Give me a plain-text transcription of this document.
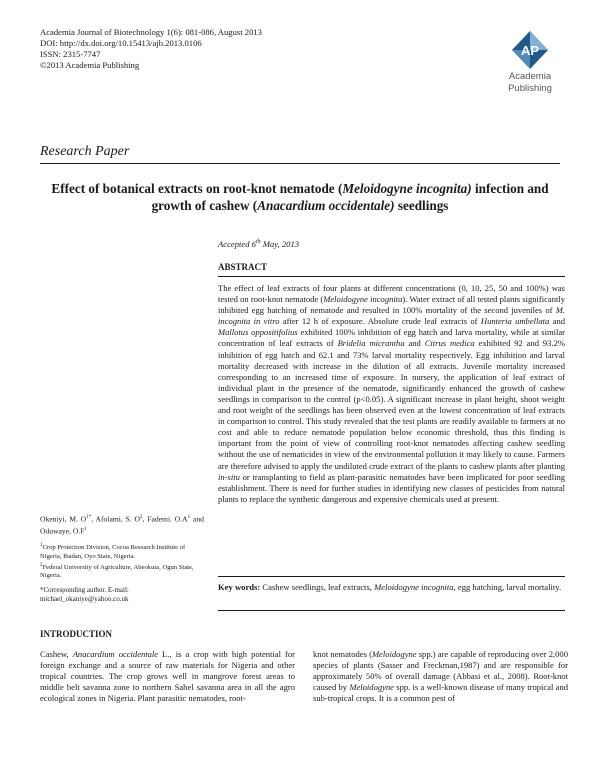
Academia Journal of Biotechnology 1(6): 081-086, August 2013
DOI: http://dx.doi.org/10.15413/ajb.2013.0106
ISSN: 2315-7747
©2013 Academia Publishing
AP
Academia
Publishing
Research Paper
Effect of botanical extracts on root-knot nematode (Meloidogyne incognita) infection and growth of cashew (Anacardium occidentale) seedlings
Accepted 6th May, 2013
ABSTRACT
The effect of leaf extracts of four plants at different concentrations (0, 10, 25, 50 and 100%) was tested on root-knot nematode (Meloidogyne incognita). Water extract of all tested plants significantly inhibited egg hatching of nematode and resulted in 100% mortality of the second juveniles of M. incognita in vitro after 12 h of exposure. Absolute crude leaf extracts of Hunteria umbellata and Mallotus oppositifolius exhibited 100% inhibition of egg hatch and larva mortality, while at similar concentration of leaf extracts of Bridelia micrantha and Citrus medica exhibited 92 and 93.2% inhibition of egg hatch and 62.1 and 73% larval mortality respectively. Egg inhibition and larval mortality decreased with increase in the dilution of all extracts. Juvenile mortality increased corresponding to an increased time of exposure. In nursery, the application of leaf extract of individual plant in the presence of the nematode, significantly enhanced the growth of cashew seedlings in comparison to the control (p<0.05). A significant increase in plant height, shoot weight and root weight of the seedlings has been observed even at the lowest concentration of leaf extracts in comparison to control. This study revealed that the test plants are readily available to farmers at no cost and able to reduce nematode population below economic threshold, thus this finding is important from the point of view of controlling root-knot nematodes affecting cashew seedling without the use of nematicides in view of the environmental pollution it may likely to cause. Farmers are therefore advised to apply the undiluted crude extract of the plants to cashew plants after planting in-situ or transplanting to field as plant-parasitic nematodes have been implicated for poor seedling establishment. There is need for further studies in identifying new classes of pesticides from natural plants to replace the synthetic dangerous and expensive chemicals used at present.
Key words: Cashew seedlings, leaf extracts, Meloidogyne incognita, egg hatching, larval mortality.
Okeniyi, M. $O^{1*}$, Afolami, S. $O^2$, Fademi. $O.A^1$ and Oduwaye, $O.F^1$
$^1$Crop Protection Division, Cocoa Research Institute of Nigeria, Ibadan, Oyo State, Nigeria.
$^2$Federal University of Agriculture, Abeokuta, Ogun State, Nigeria.
*Corresponding author. E-mail:
michael_okaniye@yahoo.co.uk
INTRODUCTION
Cashew, Anacardium occidentale L., is a crop with high potential for foreign exchange and a source of raw materials for Nigeria and other tropical countries. The crop grows well in mangrove forest areas to middle belt savanna zone to northern Sahel savanna area in all the agro ecological zones in Nigeria. Plant parasitic nematodes, root-
knot nematodes (Meloidogyne spp.) are capable of reproducing over 2,000 species of plants (Sasser and Freckman,1987) and are responsible for approximately 50% of overall damage (Abbasi et al., 2008). Root-knot caused by Meloidogyne spp. is a well-known disease of many tropical and sub-tropical crops. It is a common pest of
